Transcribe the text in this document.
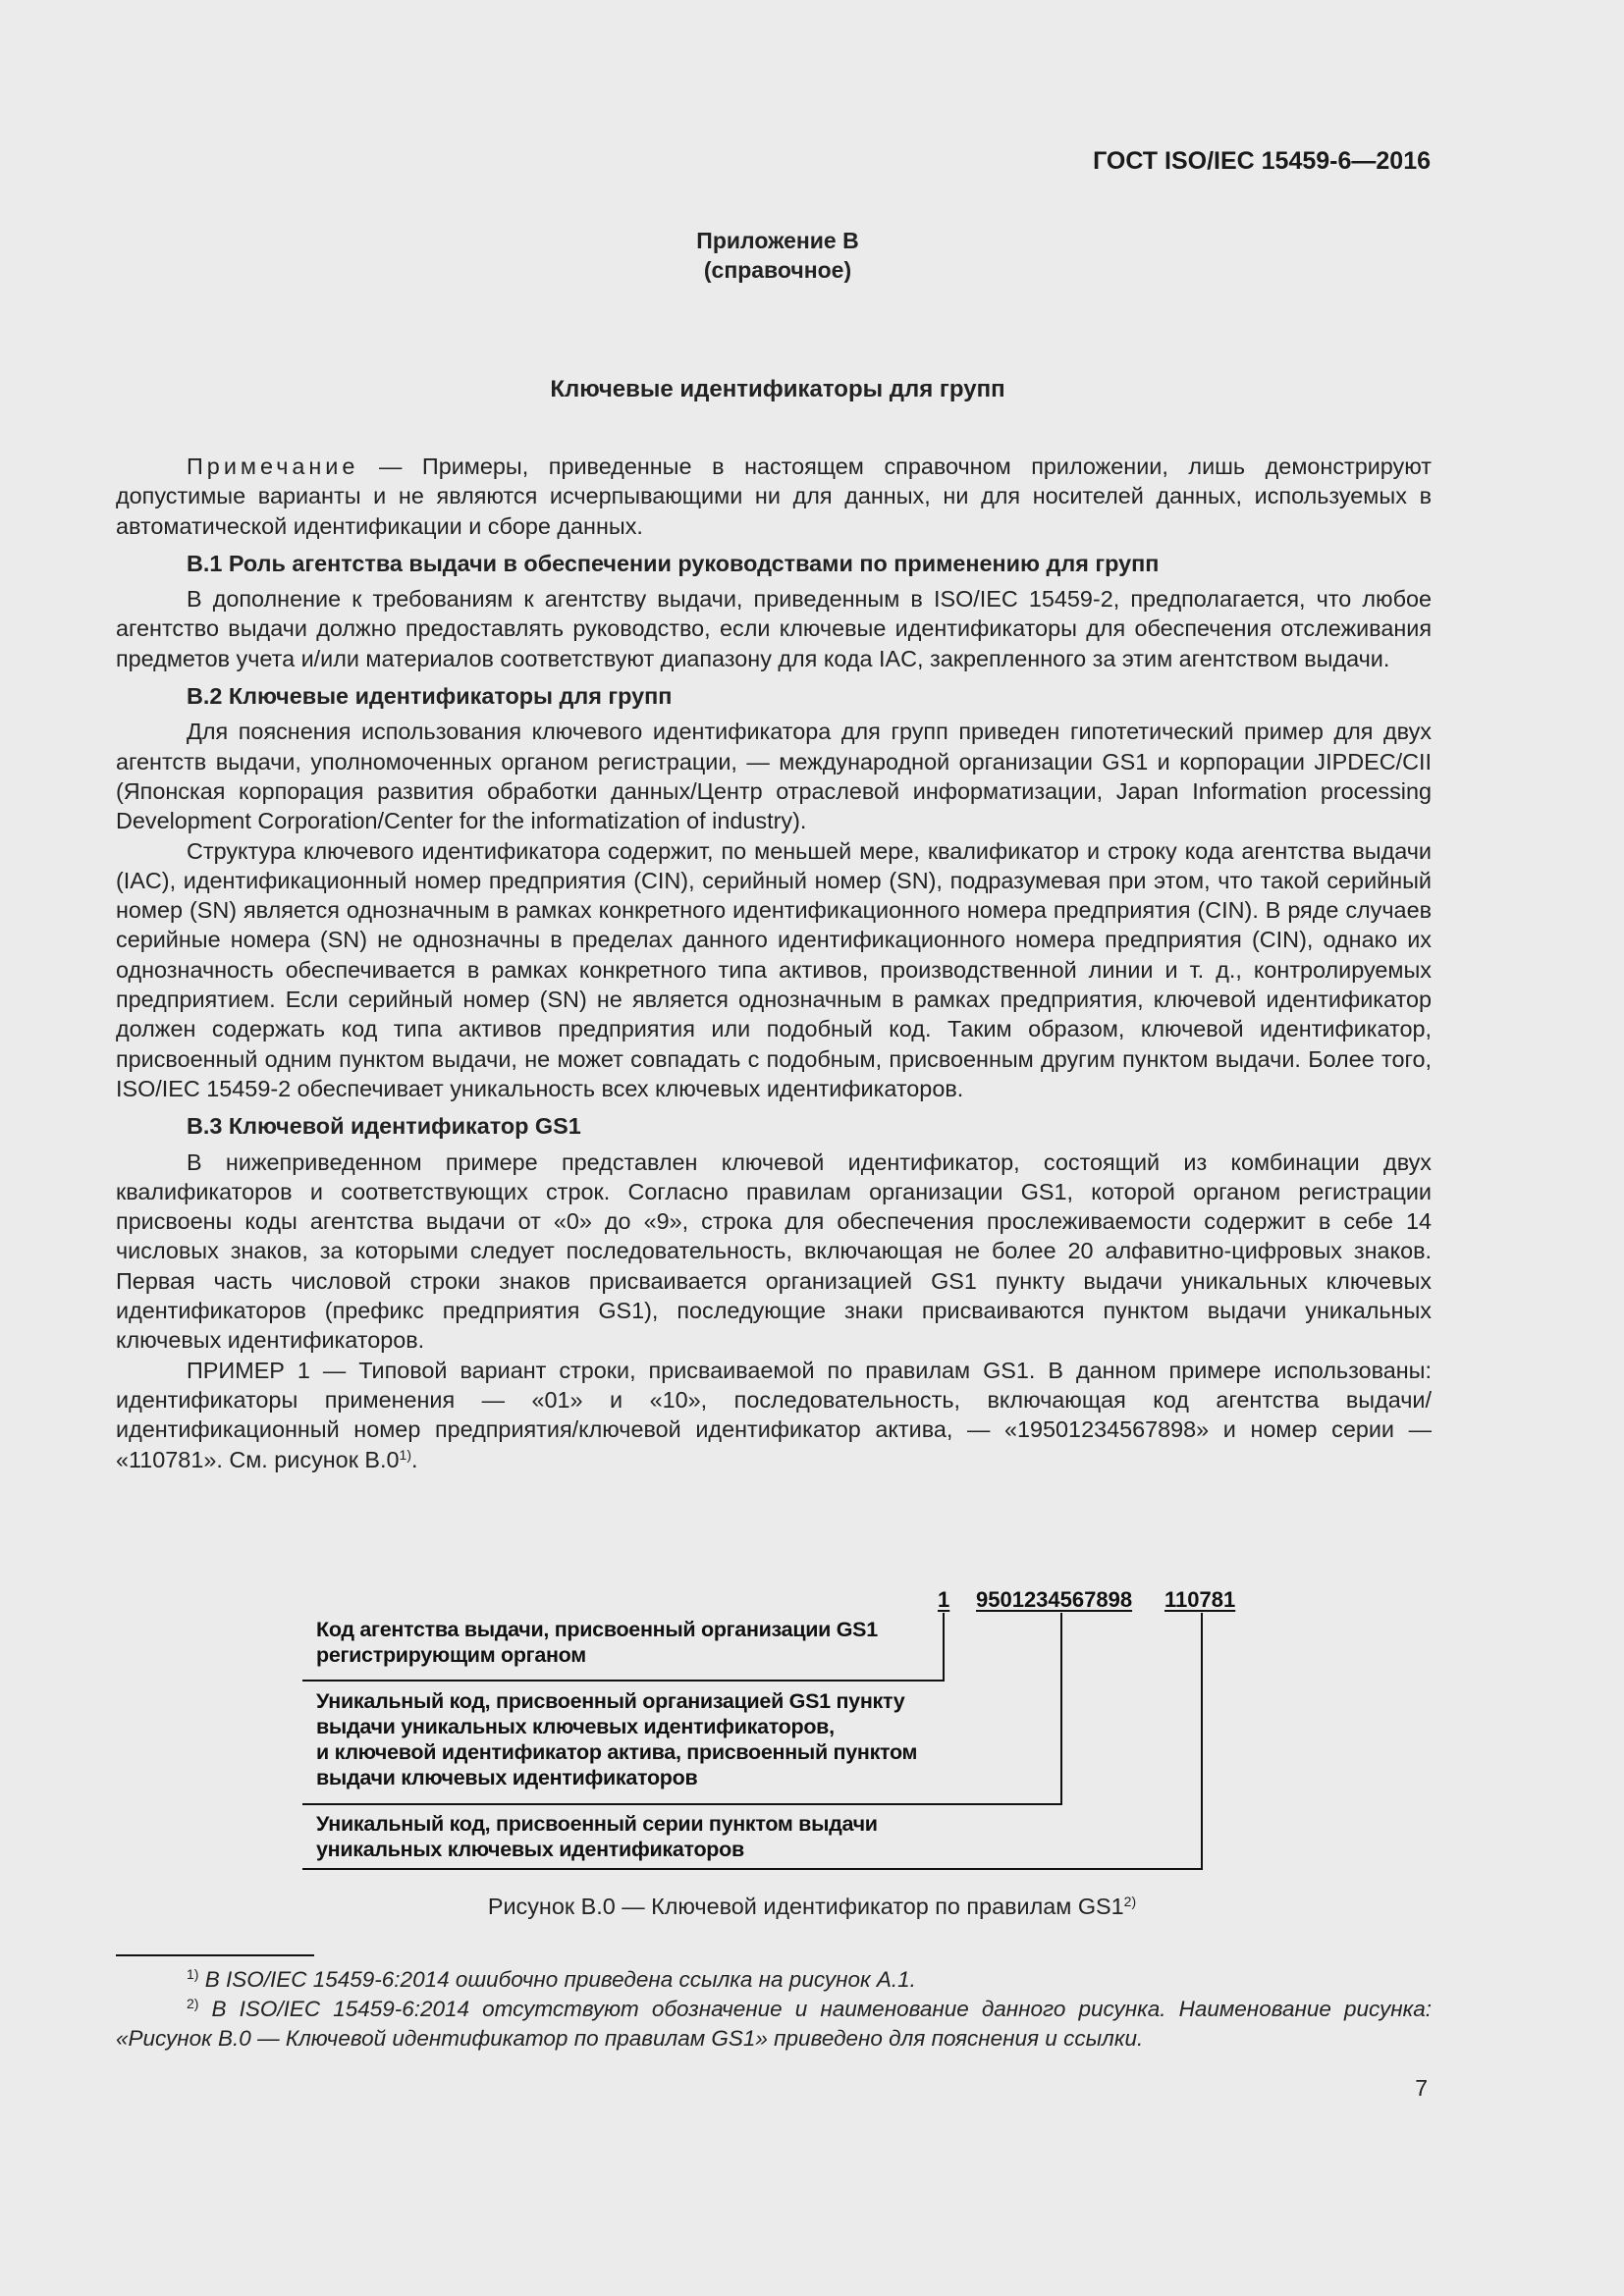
ГОСТ ISO/IEC 15459-6—2016
Приложение В
(справочное)
Ключевые идентификаторы для групп

Примечание — Примеры, приведенные в настоящем справочном приложении, лишь демонстрируют допустимые варианты и не являются исчерпывающими ни для данных, ни для носителей данных, используемых в автоматической идентификации и сборе данных.

В.1 Роль агентства выдачи в обеспечении руководствами по применению для групп

В дополнение к требованиям к агентству выдачи, приведенным в ISO/IEC 15459-2, предполагается, что любое агентство выдачи должно предоставлять руководство, если ключевые идентификаторы для обеспечения отслеживания предметов учета и/или материалов соответствуют диапазону для кода IAC, закрепленного за этим агентством выдачи.

В.2 Ключевые идентификаторы для групп

Для пояснения использования ключевого идентификатора для групп приведен гипотетический пример для двух агентств выдачи, уполномоченных органом регистрации, — международной организации GS1 и корпорации JIPDEC/CII (Японская корпорация развития обработки данных/Центр отраслевой информатизации, Japan Information processing Development Corporation/Center for the informatization of industry).

Структура ключевого идентификатора содержит, по меньшей мере, квалификатор и строку кода агентства выдачи (IAC), идентификационный номер предприятия (CIN), серийный номер (SN), подразумевая при этом, что такой серийный номер (SN) является однозначным в рамках конкретного идентификационного номера предприятия (CIN). В ряде случаев серийные номера (SN) не однозначны в пределах данного идентификационного номера предприятия (CIN), однако их однозначность обеспечивается в рамках конкретного типа активов, производственной линии и т. д., контролируемых предприятием. Если серийный номер (SN) не является однозначным в рамках предприятия, ключевой идентификатор должен содержать код типа активов предприятия или подобный код. Таким образом, ключевой идентификатор, присвоенный одним пунктом выдачи, не может совпадать с подобным, присвоенным другим пунктом выдачи. Более того, ISO/IEC 15459-2 обеспечивает уникальность всех ключевых идентификаторов.

В.3 Ключевой идентификатор GS1

В нижеприведенном примере представлен ключевой идентификатор, состоящий из комбинации двух квалификаторов и соответствующих строк. Согласно правилам организации GS1, которой органом регистрации присвоены коды агентства выдачи от «0» до «9», строка для обеспечения прослеживаемости содержит в себе 14 числовых знаков, за которыми следует последовательность, включающая не более 20 алфавитно-цифровых знаков. Первая часть числовой строки знаков присваивается организацией GS1 пункту выдачи уникальных ключевых идентификаторов (префикс предприятия GS1), последующие знаки присваиваются пунктом выдачи уникальных ключевых идентификаторов.

ПРИМЕР 1 — Типовой вариант строки, присваиваемой по правилам GS1. В данном примере использованы: идентификаторы применения — «01» и «10», последовательность, включающая код агентства выдачи/идентификационный номер предприятия/ключевой идентификатор актива, — «19501234567898» и номер серии — «110781». См. рисунок В.0$^{1)}$.

1 9501234567898 110781
Код агентства выдачи, присвоенный организации GS1
регистрирующим органом
Уникальный код, присвоенный организацией GS1 пункту
выдачи уникальных ключевых идентификаторов,
и ключевой идентификатор актива, присвоенный пунктом
выдачи ключевых идентификаторов
Уникальный код, присвоенный серии пунктом выдачи
уникальных ключевых идентификаторов
Рисунок В.0 — Ключевой идентификатор по правилам GS1$^{2)}$

$^{1)}$ В ISO/IEC 15459-6:2014 ошибочно приведена ссылка на рисунок А.1.

$^{2)}$ В ISO/IEC 15459-6:2014 отсутствуют обозначение и наименование данного рисунка. Наименование рисунка: «Рисунок В.0 — Ключевой идентификатор по правилам GS1» приведено для пояснения и ссылки.

7
